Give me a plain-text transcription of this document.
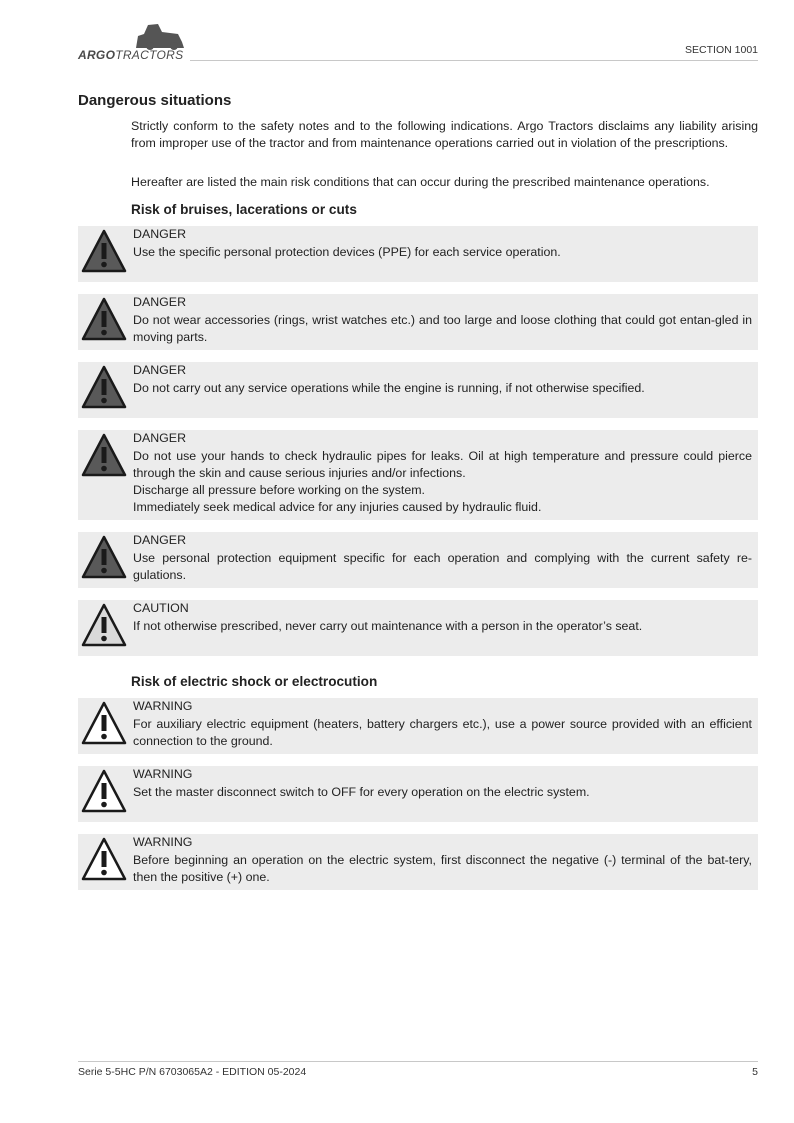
ARGOTRACTORS	SECTION 1001
Dangerous situations

Strictly conform to the safety notes and to the following indications. Argo Tractors disclaims any liability arising from improper use of the tractor and from maintenance operations carried out in violation of the prescriptions.

Hereafter are listed the main risk conditions that can occur during the prescribed maintenance operations.

Risk of bruises, lacerations or cuts
DANGER

Use the specific personal protection devices (PPE) for each service operation.

DANGER

Do not wear accessories (rings, wrist watches etc.) and too large and loose clothing that could got entan-gled in moving parts.

DANGER

Do not carry out any service operations while the engine is running, if not otherwise specified.

DANGER

Do not use your hands to check hydraulic pipes for leaks. Oil at high temperature and pressure could pierce through the skin and cause serious injuries and/or infections.

Discharge all pressure before working on the system.

Immediately seek medical advice for any injuries caused by hydraulic fluid.

DANGER

Use personal protection equipment specific for each operation and complying with the current safety re-gulations.

CAUTION

If not otherwise prescribed, never carry out maintenance with a person in the operator’s seat.

Risk of electric shock or electrocution
WARNING

For auxiliary electric equipment (heaters, battery chargers etc.), use a power source provided with an efficient connection to the ground.

WARNING

Set the master disconnect switch to OFF for every operation on the electric system.

WARNING

Before beginning an operation on the electric system, first disconnect the negative (-) terminal of the bat-tery, then the positive (+) one.

Serie 5-5HC P/N 6703065A2 - EDITION 05-2024	5
